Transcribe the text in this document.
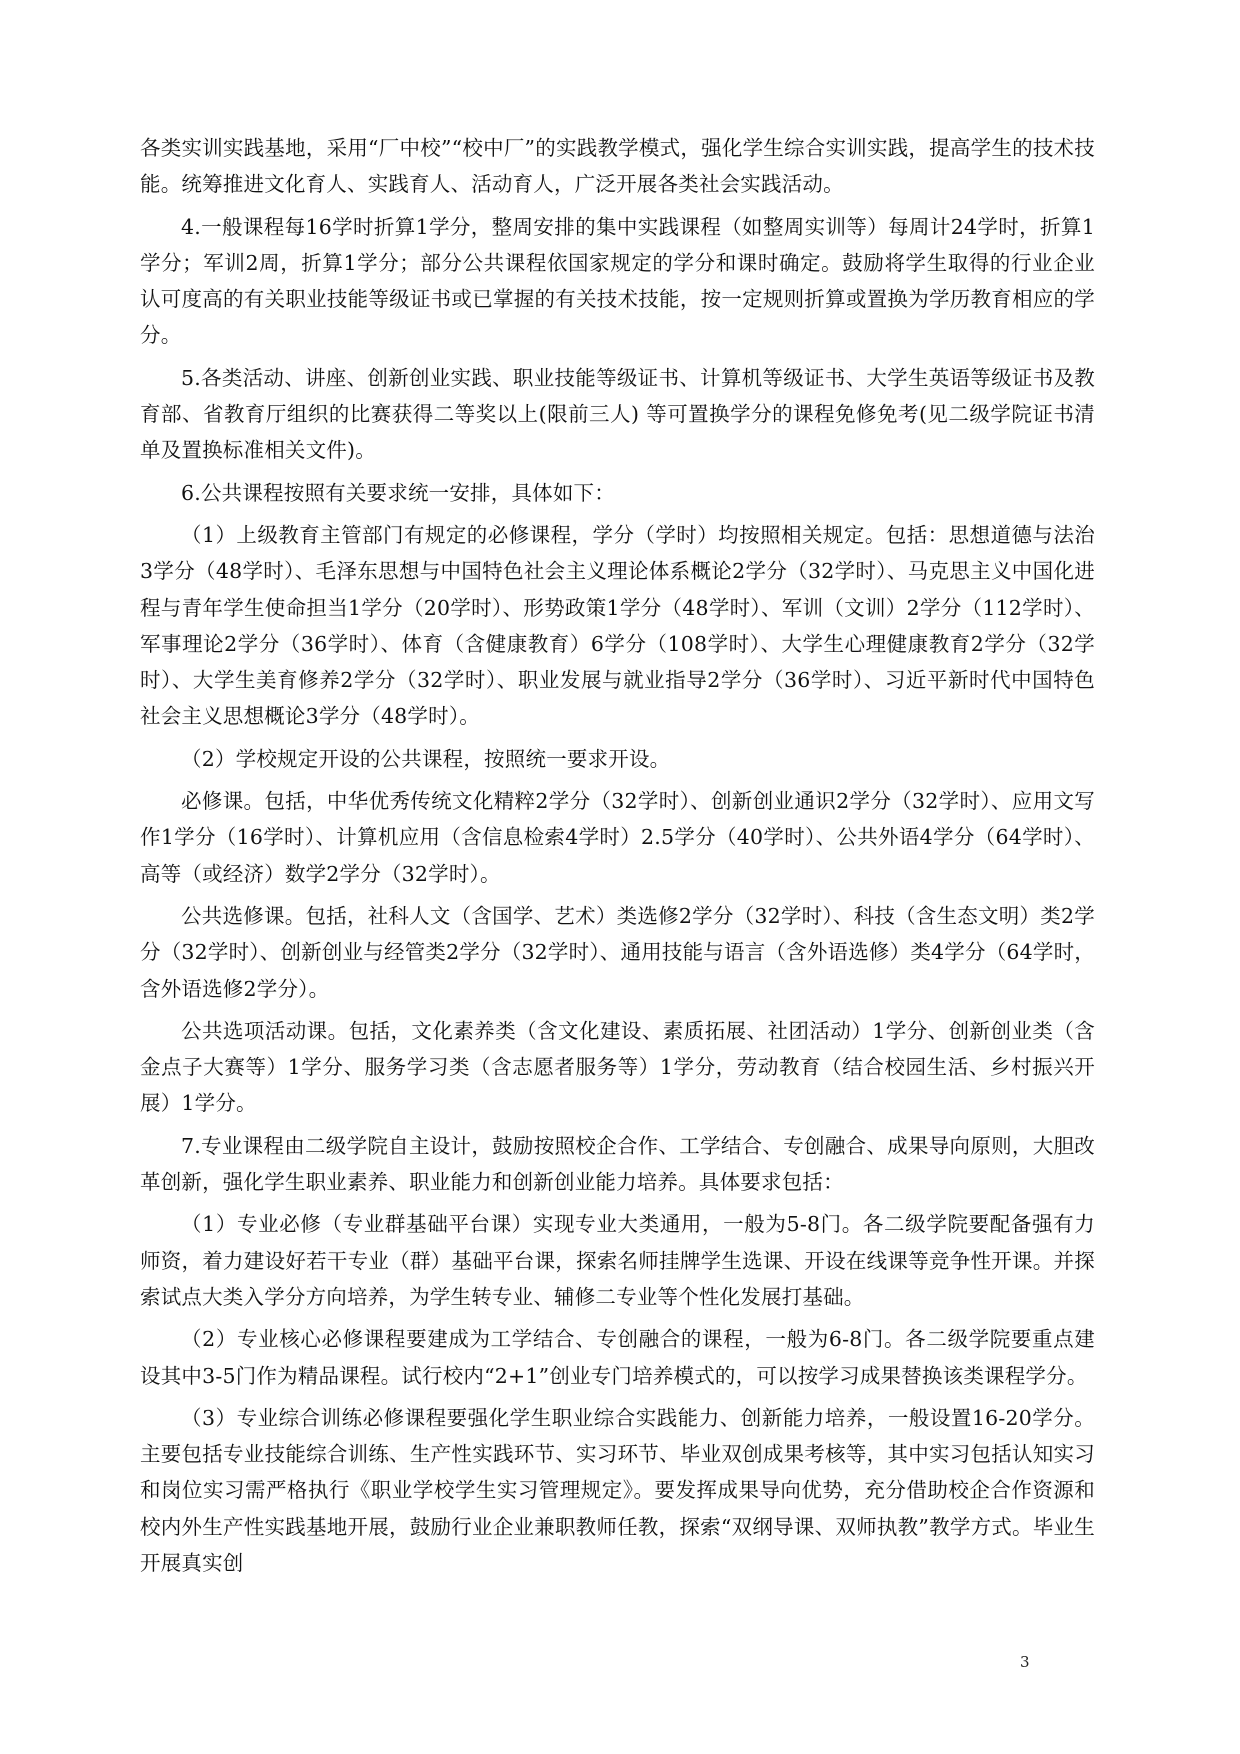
各类实训实践基地，采用“厂中校”“校中厂”的实践教学模式，强化学生综合实训实践，提高学生的技术技能。统筹推进文化育人、实践育人、活动育人，广泛开展各类社会实践活动。

4.一般课程每16学时折算1学分，整周安排的集中实践课程（如整周实训等）每周计24学时，折算1学分；军训2周，折算1学分；部分公共课程依国家规定的学分和课时确定。鼓励将学生取得的行业企业认可度高的有关职业技能等级证书或已掌握的有关技术技能，按一定规则折算或置换为学历教育相应的学分。

5.各类活动、讲座、创新创业实践、职业技能等级证书、计算机等级证书、大学生英语等级证书及教育部、省教育厅组织的比赛获得二等奖以上(限前三人) 等可置换学分的课程免修免考(见二级学院证书清单及置换标准相关文件)。

6.公共课程按照有关要求统一安排，具体如下：

（1）上级教育主管部门有规定的必修课程，学分（学时）均按照相关规定。包括：思想道德与法治3学分（48学时）、毛泽东思想与中国特色社会主义理论体系概论2学分（32学时）、马克思主义中国化进程与青年学生使命担当1学分（20学时）、形势政策1学分（48学时）、军训（文训）2学分（112学时）、军事理论2学分（36学时）、体育（含健康教育）6学分（108学时）、大学生心理健康教育2学分（32学时）、大学生美育修养2学分（32学时）、职业发展与就业指导2学分（36学时）、习近平新时代中国特色社会主义思想概论3学分（48学时）。

（2）学校规定开设的公共课程，按照统一要求开设。

必修课。包括，中华优秀传统文化精粹2学分（32学时）、创新创业通识2学分（32学时）、应用文写作1学分（16学时）、计算机应用（含信息检索4学时）2.5学分（40学时）、公共外语4学分（64学时）、高等（或经济）数学2学分（32学时）。

公共选修课。包括，社科人文（含国学、艺术）类选修2学分（32学时）、科技（含生态文明）类2学分（32学时）、创新创业与经管类2学分（32学时）、通用技能与语言（含外语选修）类4学分（64学时，含外语选修2学分）。

公共选项活动课。包括，文化素养类（含文化建设、素质拓展、社团活动）1学分、创新创业类（含金点子大赛等）1学分、服务学习类（含志愿者服务等）1学分，劳动教育（结合校园生活、乡村振兴开展）1学分。

7.专业课程由二级学院自主设计，鼓励按照校企合作、工学结合、专创融合、成果导向原则，大胆改革创新，强化学生职业素养、职业能力和创新创业能力培养。具体要求包括：

（1）专业必修（专业群基础平台课）实现专业大类通用，一般为5-8门。各二级学院要配备强有力师资，着力建设好若干专业（群）基础平台课，探索名师挂牌学生选课、开设在线课等竞争性开课。并探索试点大类入学分方向培养，为学生转专业、辅修二专业等个性化发展打基础。

（2）专业核心必修课程要建成为工学结合、专创融合的课程，一般为6-8门。各二级学院要重点建设其中3-5门作为精品课程。试行校内“2+1”创业专门培养模式的，可以按学习成果替换该类课程学分。

（3）专业综合训练必修课程要强化学生职业综合实践能力、创新能力培养，一般设置16-20学分。主要包括专业技能综合训练、生产性实践环节、实习环节、毕业双创成果考核等，其中实习包括认知实习和岗位实习需严格执行《职业学校学生实习管理规定》。要发挥成果导向优势，充分借助校企合作资源和校内外生产性实践基地开展，鼓励行业企业兼职教师任教，探索“双纲导课、双师执教”教学方式。毕业生开展真实创

3
